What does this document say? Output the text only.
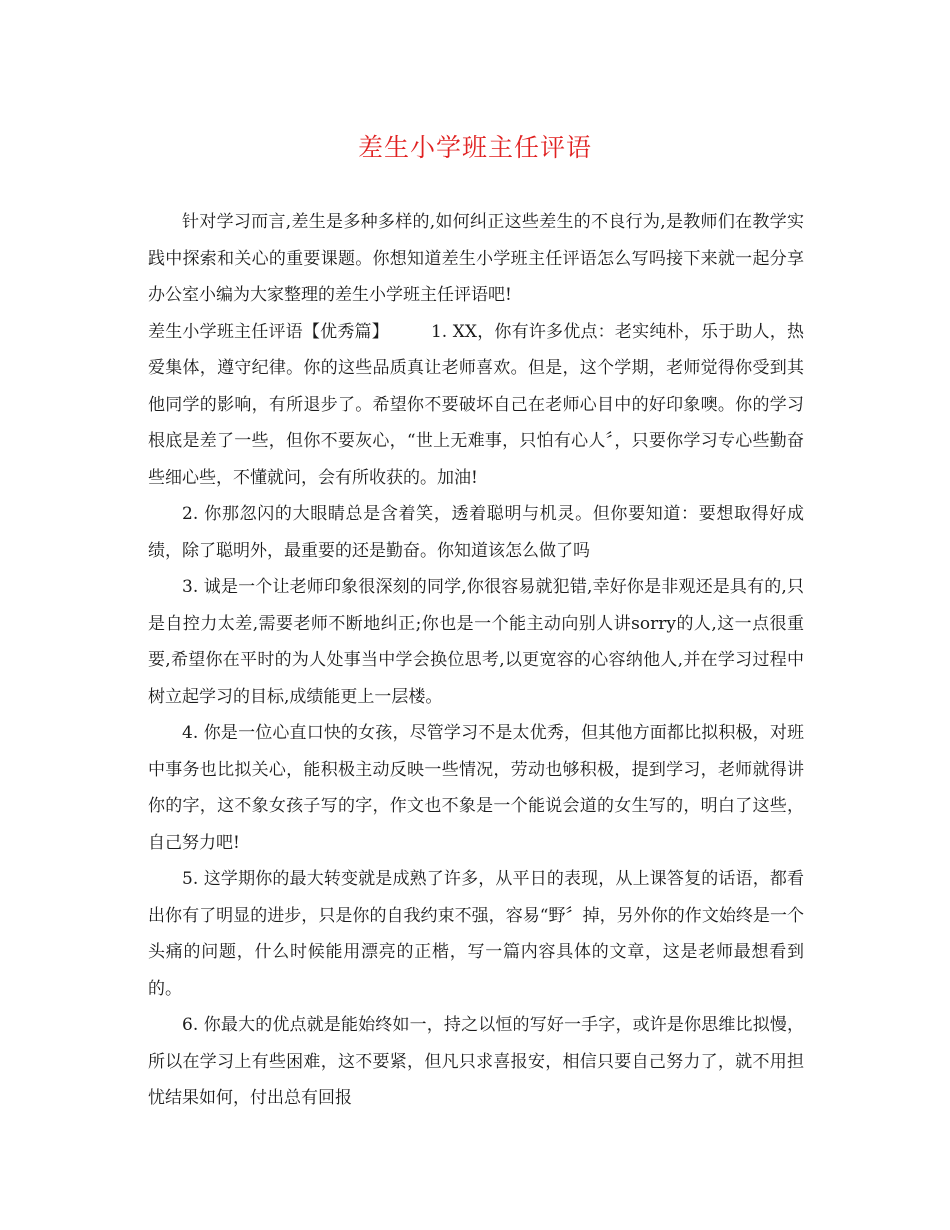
差生小学班主任评语

针对学习而言,差生是多种多样的,如何纠正这些差生的不良行为,是教师们在教学实践中探索和关心的重要课题。你想知道差生小学班主任评语怎么写吗接下来就一起分享办公室小编为大家整理的差生小学班主任评语吧!

差生小学班主任评语【优秀篇】 1. XX，你有许多优点：老实纯朴，乐于助人，热爱集体，遵守纪律。你的这些品质真让老师喜欢。但是，这个学期，老师觉得你受到其他同学的影响，有所退步了。希望你不要破坏自己在老师心目中的好印象噢。你的学习根底是差了一些，但你不要灰心，“世上无难事，只怕有心人〞，只要你学习专心些勤奋些细心些，不懂就问，会有所收获的。加油!

2. 你那忽闪的大眼睛总是含着笑，透着聪明与机灵。但你要知道：要想取得好成绩，除了聪明外，最重要的还是勤奋。你知道该怎么做了吗

3. 诚是一个让老师印象很深刻的同学,你很容易就犯错,幸好你是非观还是具有的,只是自控力太差,需要老师不断地纠正;你也是一个能主动向别人讲sorry的人,这一点很重要,希望你在平时的为人处事当中学会换位思考,以更宽容的心容纳他人,并在学习过程中树立起学习的目标,成绩能更上一层楼。

4. 你是一位心直口快的女孩，尽管学习不是太优秀，但其他方面都比拟积极，对班中事务也比拟关心，能积极主动反映一些情况，劳动也够积极，提到学习，老师就得讲你的字，这不象女孩子写的字，作文也不象是一个能说会道的女生写的，明白了这些，自己努力吧!

5. 这学期你的最大转变就是成熟了许多，从平日的表现，从上课答复的话语，都看出你有了明显的进步，只是你的自我约束不强，容易“野〞掉，另外你的作文始终是一个头痛的问题，什么时候能用漂亮的正楷，写一篇内容具体的文章，这是老师最想看到的。

6. 你最大的优点就是能始终如一，持之以恒的写好一手字，或许是你思维比拟慢，所以在学习上有些困难，这不要紧，但凡只求喜报安，相信只要自己努力了，就不用担忧结果如何，付出总有回报
